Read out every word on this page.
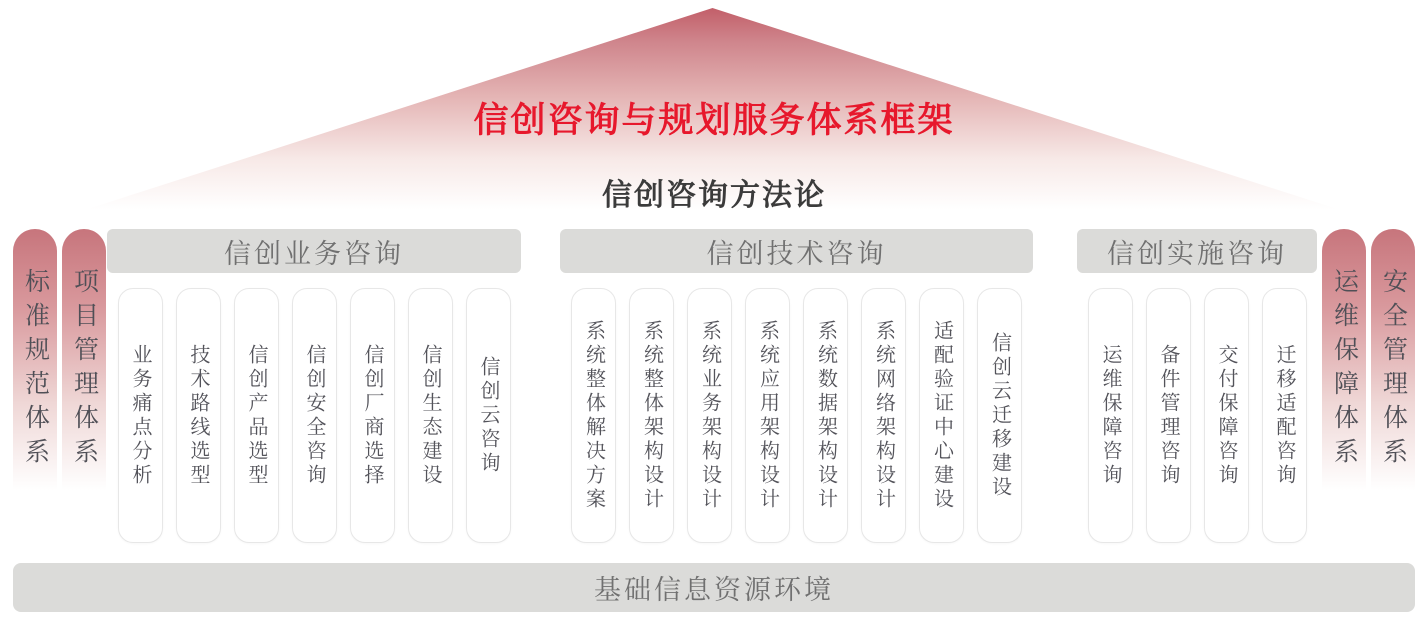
信创咨询与规划服务体系框架
信创咨询方法论
标准规范体系 项目管理体系	运维保障体系 安全管理体系
信创业务咨询	信创技术咨询	信创实施咨询
业务痛点分析 技术路线选型 信创产品选型 信创安全咨询 信创厂商选择 信创生态建设 信创云咨询	系统整体解决方案 系统整体架构设计 系统业务架构设计 系统应用架构设计 系统数据架构设计 系统网络架构设计 适配验证中心建设 信创云迁移建设	运维保障咨询 备件管理咨询 交付保障咨询 迁移适配咨询
基础信息资源环境
